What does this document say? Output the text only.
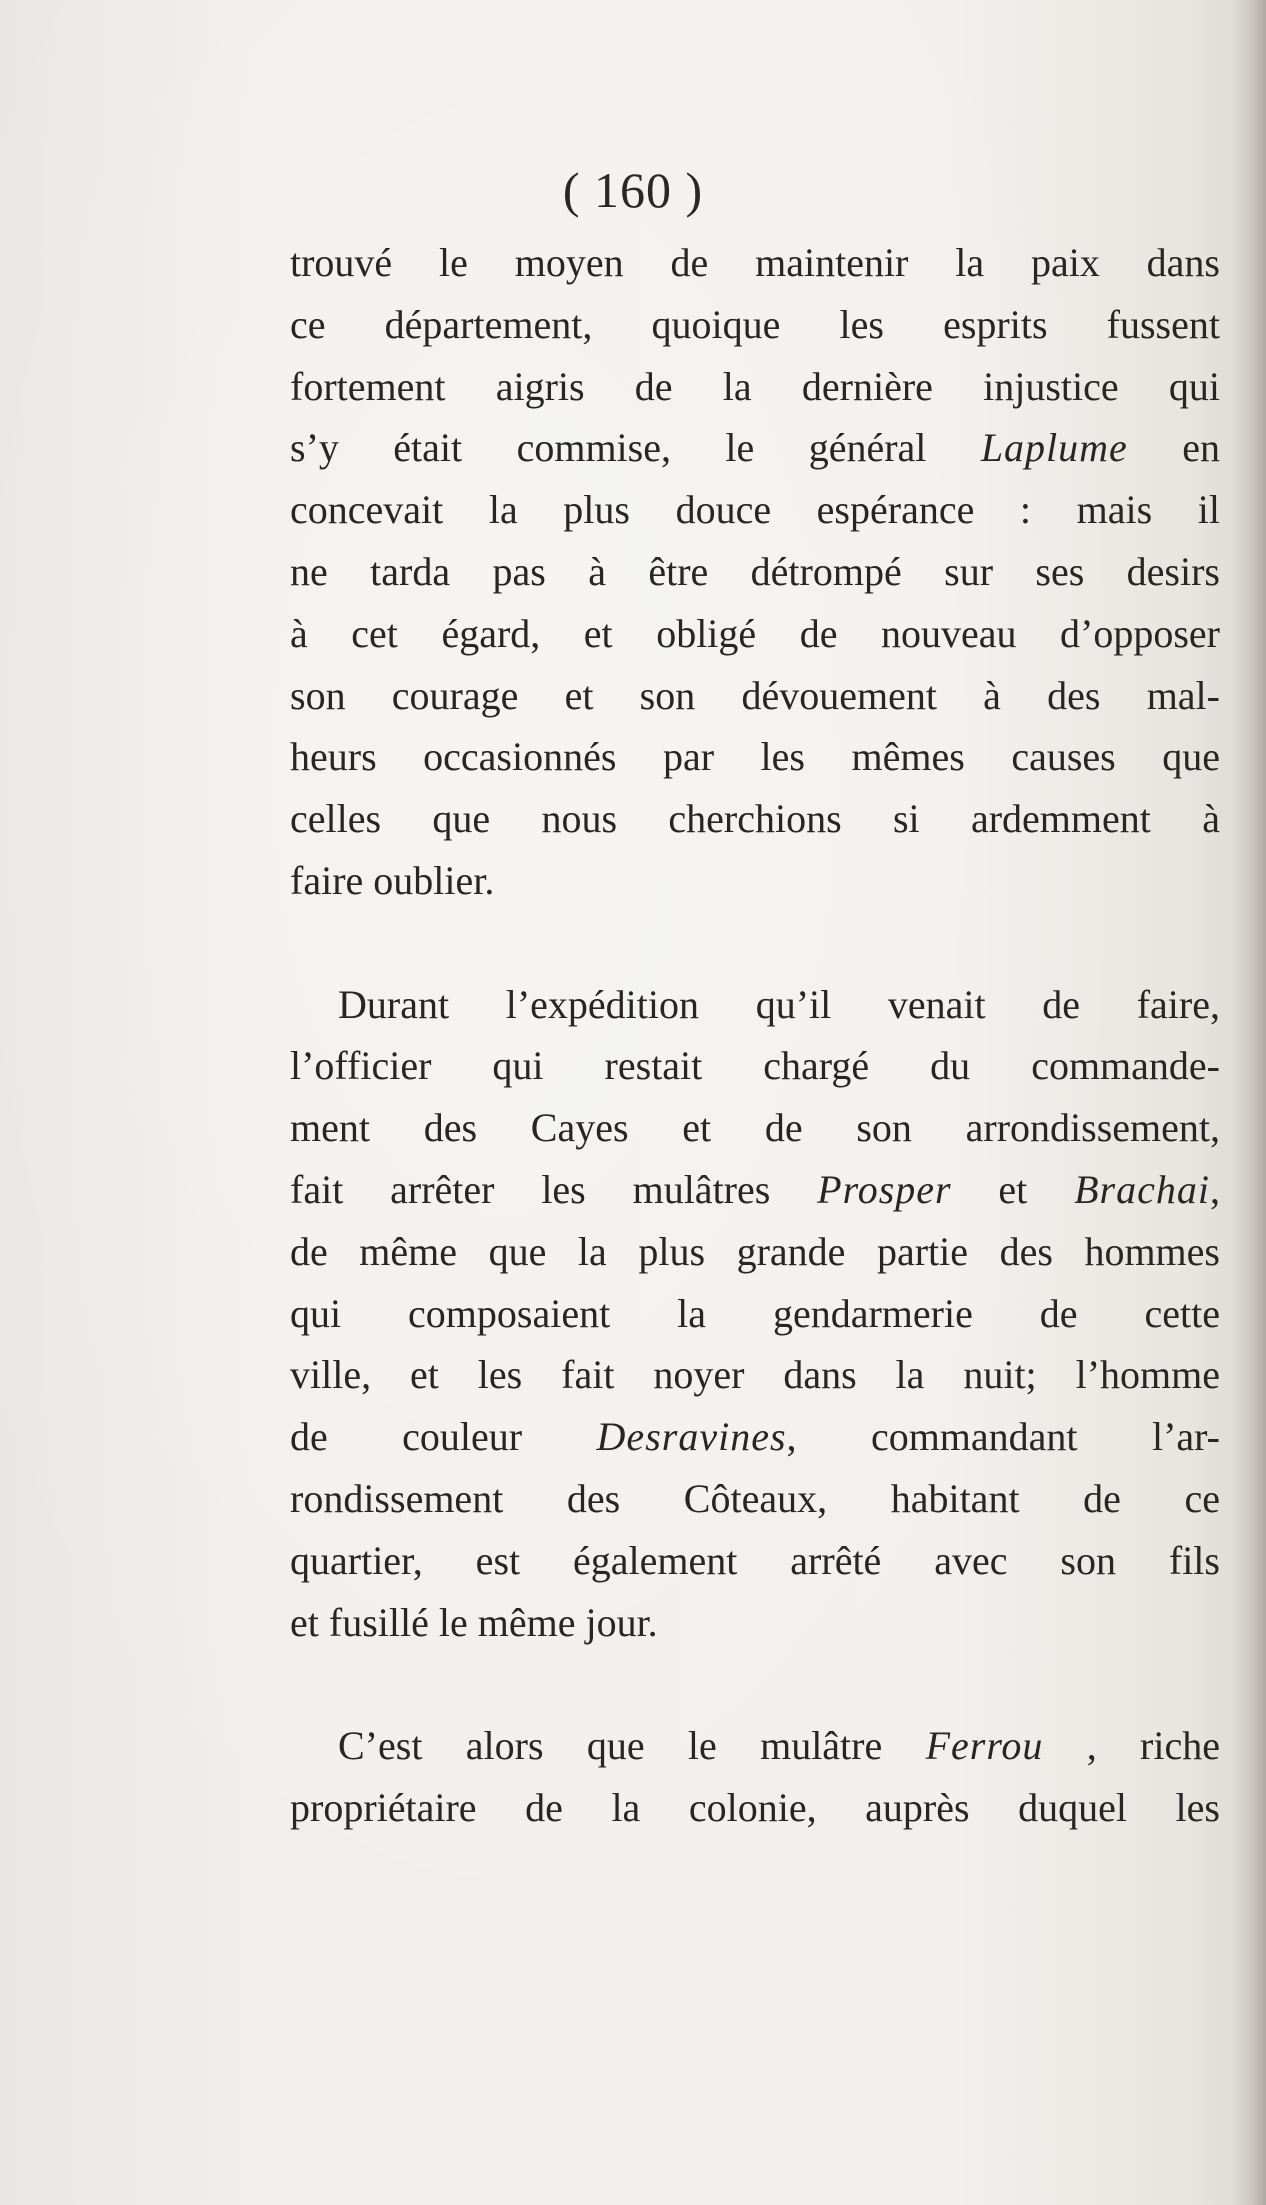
( 160 )
trouvé le moyen de maintenir la paix dans
ce département, quoique les esprits fussent
fortement aigris de la dernière injustice qui
s’y était commise, le général Laplume en
concevait la plus douce espérance : mais il
ne tarda pas à être détrompé sur ses desirs
à cet égard, et obligé de nouveau d’opposer
son courage et son dévouement à des mal-
heurs occasionnés par les mêmes causes que
celles que nous cherchions si ardemment à
faire oublier.
Durant l’expédition qu’il venait de faire,
l’officier qui restait chargé du commande-
ment des Cayes et de son arrondissement,
fait arrêter les mulâtres Prosper et Brachai,
de même que la plus grande partie des hommes
qui composaient la gendarmerie de cette
ville, et les fait noyer dans la nuit; l’homme
de couleur Desravines, commandant l’ar-
rondissement des Côteaux, habitant de ce
quartier, est également arrêté avec son fils
et fusillé le même jour.
C’est alors que le mulâtre Ferrou , riche
propriétaire de la colonie, auprès duquel les
